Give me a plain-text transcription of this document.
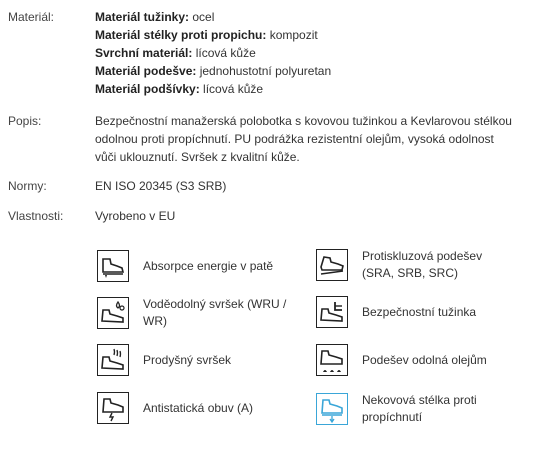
Materiál:	Materiál tužinky: ocel
Materiál stélky proti propichu: kompozit
Svrchní materiál: lícová kůže
Materiál podešve: jednohustotní polyuretan
Materiál podšívky: lícová kůže
Popis:	Bezpečnostní manažerská polobotka s kovovou tužinkou a Kevlarovou stélkou
odolnou proti propíchnutí. PU podrážka rezistentní olejům, vysoká odolnost
vůči uklouznutí. Svršek z kvalitní kůže.
Normy:	EN ISO 20345 (S3 SRB)
Vlastnosti:	Vyrobeno v EU
Absorpce energie v patě
Protiskluzová podešev
(SRA, SRB, SRC)
Voděodolný svršek (WRU /
WR)
Bezpečnostní tužinka
Prodyšný svršek	Podešev odolná olejům
Antistatická obuv (A)
Nekovová stélka proti
propíchnutí
